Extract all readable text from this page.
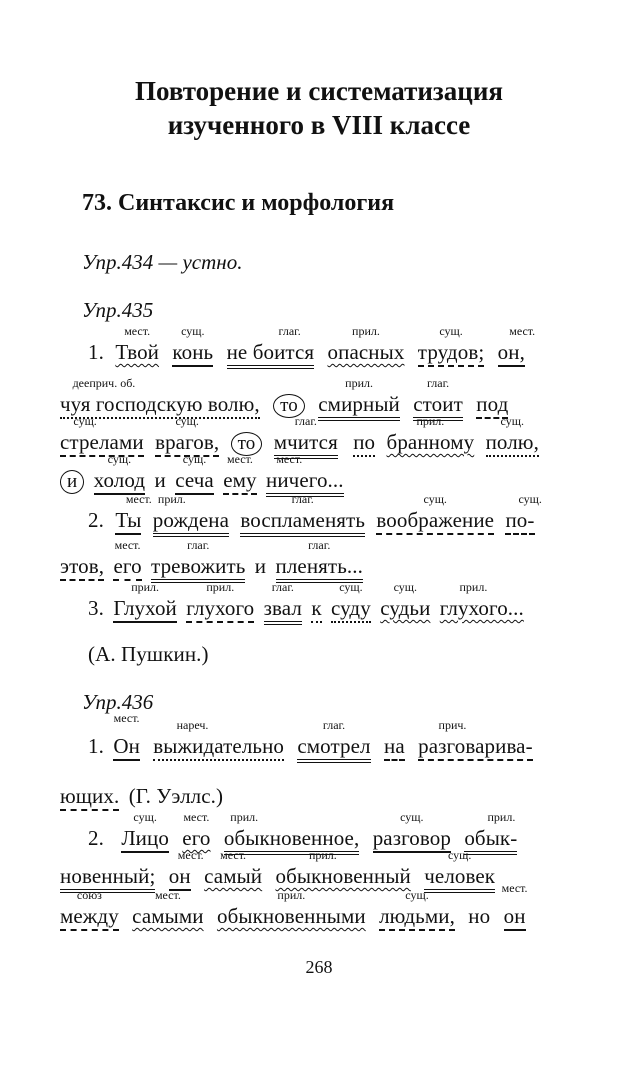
Повторение и систематизация
изученного в VIII классе
73. Синтаксис и морфология
Упр.434 — устно.
Упр.435
1.
мест.
Твой
сущ.
конь
глаг.
не боится
прил.
опасных
сущ.
трудов;
мест.
он,
дееприч. об.
чуя господскую волю, то
прил.
смирный
глаг.
стоит под
сущ.
стрелами
сущ.
врагов, то
глаг.
мчится по
прил.
бранному
сущ.
полю,
и
сущ.
холод и
сущ.
сеча
мест.
ему
мест.
ничего...
2.
мест.
Ты
прил.
рождена
глаг.
воспламенять
сущ.
воображение
сущ.
по-
этов,
мест.
его
глаг.
тревожить и
глаг.
пленять...
3.
прил.
Глухой
прил.
глухого
глаг.
звал к
сущ.
суду
сущ.
судьи
прил.
глухого...
(А. Пушкин.)
Упр.436
1.
мест.
Он
нареч.
выжидательно
глаг.
смотрел на
прич.
разговарива-
ющих. (Г. Уэллс.)
2.
сущ.
Лицо
мест.
его
прил.
обыкновенное,
сущ.
разговор
прил.
обык-
новенный;
мест.
он
мест.
самый
прил.
обыкновенный
сущ.
человек
союз
между
мест.
самыми
прил.
обыкновенными
сущ.
людьми, но
мест.
он
268
